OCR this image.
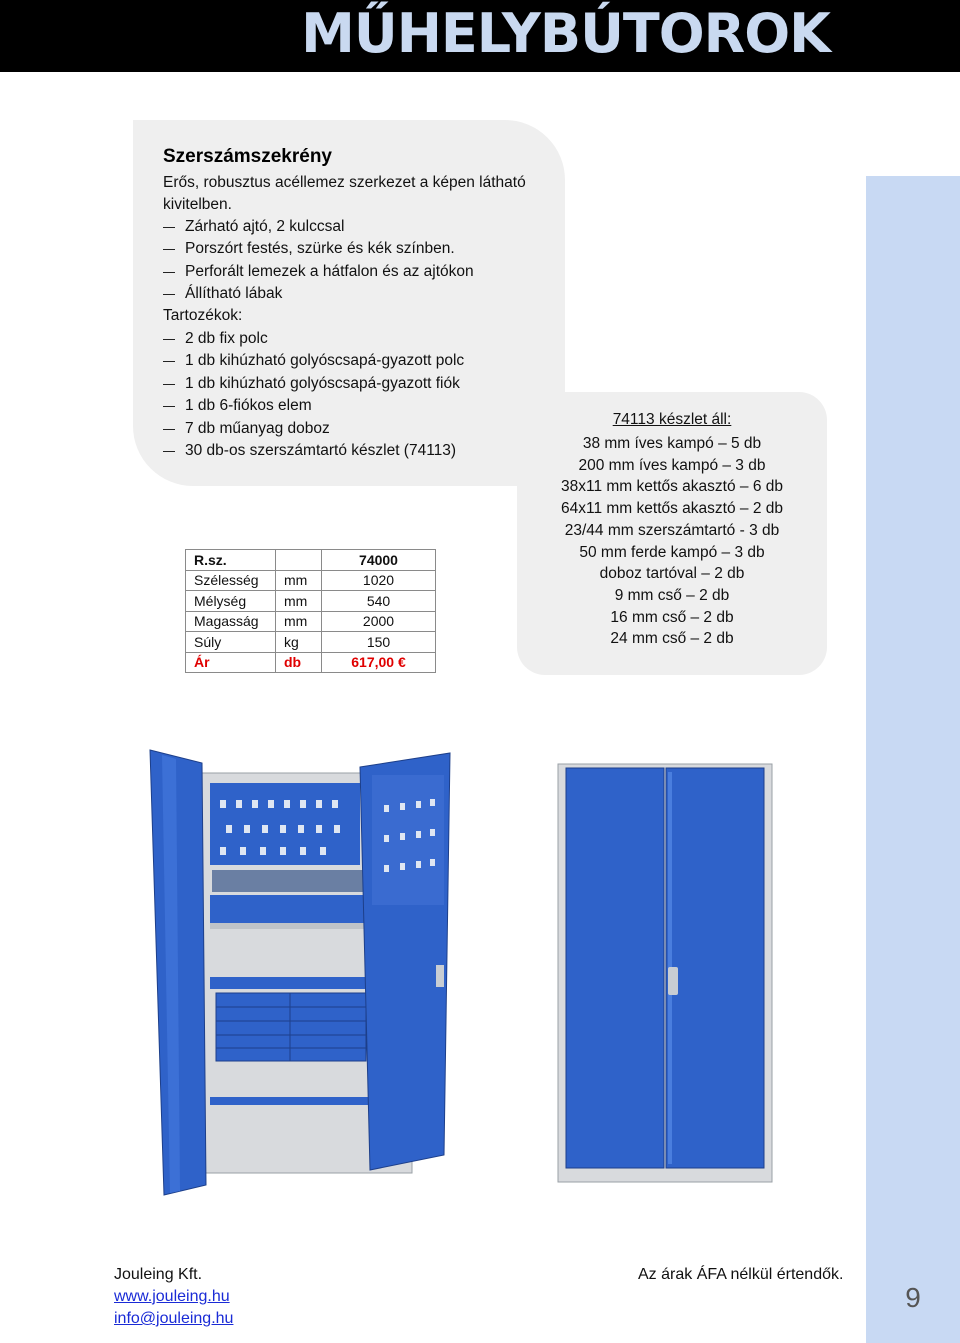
MŰHELYBÚTOROK
9
Szerszámszekrény
Erős, robusztus acéllemez szerkezet a képen látható kivitelben.
Zárható ajtó, 2 kulccsal
Porszórt festés, szürke és kék színben.
Perforált lemezek a hátfalon és az ajtókon
Állítható lábak
Tartozékok:
2 db fix polc
1 db kihúzható golyóscsapá-gyazott polc
1 db kihúzható golyóscsapá-gyazott fiók
1 db 6-fiókos elem
7 db műanyag doboz
30 db-os szerszámtartó készlet (74113)
74113 készlet áll:
38 mm íves kampó – 5 db
200 mm íves kampó – 3 db
38x11 mm kettős akasztó – 6 db
64x11 mm kettős akasztó – 2 db
23/44 mm szerszámtartó - 3 db
50 mm ferde kampó – 3 db
doboz tartóval – 2 db
9 mm cső – 2 db
16 mm cső – 2 db
24 mm cső – 2 db
R.sz.		74000
Szélesség	mm	1020
Mélység	mm	540
Magasság	mm	2000
Súly	kg	150
Ár	db	617,00 €
Jouleing Kft.
www.jouleing.hu
info@jouleing.hu
Az árak ÁFA nélkül értendők.
